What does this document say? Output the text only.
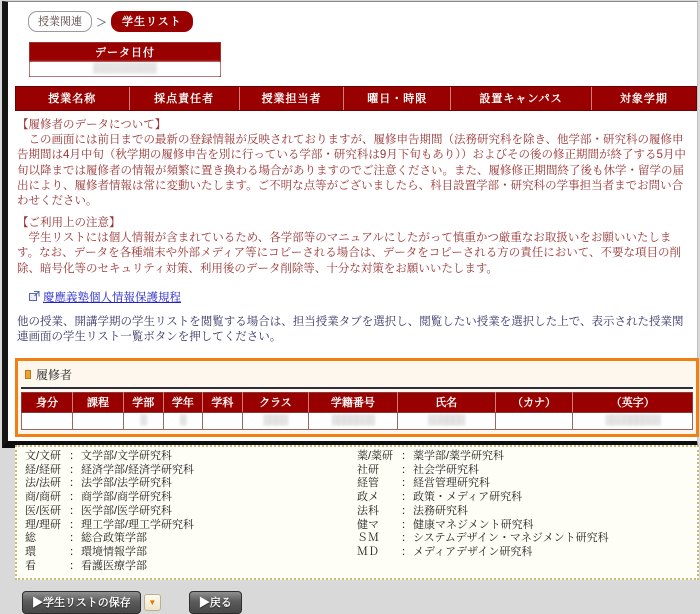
授業関連	＞	学生リスト
データ日付
▒▒▒▒▒▒▒▒▒
授業名称	採点責任者	授業担当者	曜日・時限	設置キャンパス	対象学期
【履修者のデータについて】
　この画面には前日までの最新の登録情報が反映されておりますが、履修申告期間（法務研究科を除き、他学部・研究科の履修申告期間は4月中旬（秋学期の履修申告を別に行っている学部・研究科は9月下旬もあり））およびその後の修正期間が終了する5月中旬以降までは履修者の情報が頻繁に置き換わる場合がありますのでご注意ください。また、履修修正期間終了後も休学・留学の届出により、履修者情報は常に変動いたします。ご不明な点等がございましたら、科目設置学部・研究科の学事担当者までお問い合わせください。
【ご利用上の注意】
　学生リストには個人情報が含まれているため、各学部等のマニュアルにしたがって慎重かつ厳重なお取扱いをお願いいたします。なお、データを各種端末や外部メディア等にコピーされる場合は、データをコピーされる方の責任において、不要な項目の削除、暗号化等のセキュリティ対策、利用後のデータ削除等、十分な対策をお願いいたします。
慶應義塾個人情報保護規程
他の授業、開講学期の学生リストを閲覧する場合は、担当授業タブを選択し、閲覧したい授業を選択した上で、表示された授業関連画面の学生リスト一覧ボタンを押してください。
履修者
身分	課程	学部	学年	学科	クラス	学籍番号	氏名	（カナ）	（英字）
		▒	▒		▒▒▒▒	▒▒▒▒▒▒▒	▒▒▒▒▒▒		▒▒▒▒▒▒▒▒▒
文/文研 ：文学部/文学研究科
経/経研 ：経済学部/経済学研究科
法/法研 ：法学部/法学研究科
商/商研 ：商学部/商学研究科
医/医研 ：医学部/医学研究科
理/理研 ：理工学部/理工学研究科
総	：総合政策学部
環	：環境情報学部
看	：看護医療学部
薬/薬研 ：薬学部/薬学研究科
社研 ：社会学研究科
経管 ：経営管理研究科
政メ ：政策・メディア研究科
法科 ：法務研究科
健マ ：健康マネジメント研究科
ＳＭ ：システムデザイン・マネジメント研究科
ＭＤ ：メディアデザイン研究科
▶学生リストの保存	▼	▶戻る
